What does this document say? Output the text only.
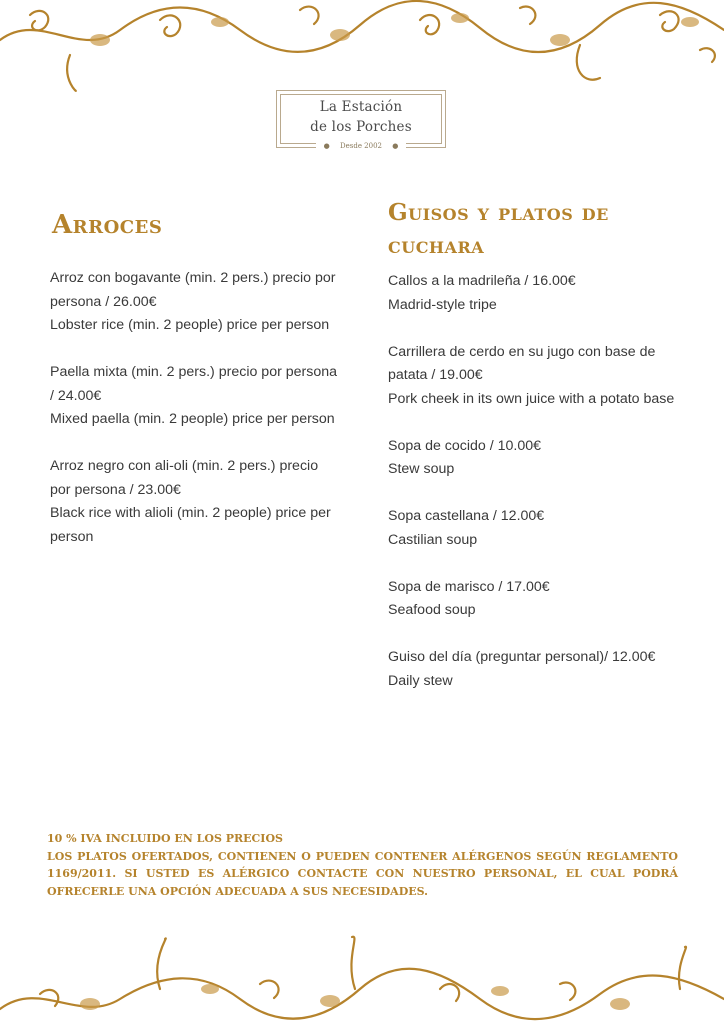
La Estación
de los Porches
● Desde 2002 ●
Arroces
Arroz con bogavante (min. 2 pers.) precio por persona / 26.00€
Lobster rice (min. 2 people) price per person
Paella mixta (min. 2 pers.) precio por persona / 24.00€
Mixed paella (min. 2 people) price per person
Arroz negro con ali-oli (min. 2 pers.) precio por persona / 23.00€
Black rice with alioli (min. 2 people) price per person
Guisos y platos de cuchara
Callos a la madrileña / 16.00€
Madrid-style tripe
Carrillera de cerdo en su jugo con base de patata / 19.00€
Pork cheek in its own juice with a potato base
Sopa de cocido / 10.00€
Stew soup
Sopa castellana / 12.00€
Castilian soup
Sopa de marisco / 17.00€
Seafood soup
Guiso del día (preguntar personal)/ 12.00€
Daily stew
10 % IVA INCLUIDO EN LOS PRECIOS
LOS PLATOS OFERTADOS, CONTIENEN O PUEDEN CONTENER ALÉRGENOS SEGÚN REGLAMENTO 1169/2011. SI USTED ES ALÉRGICO CONTACTE CON NUESTRO PERSONAL, EL CUAL PODRÁ OFRECERLE UNA OPCIÓN ADECUADA A SUS NECESIDADES.
